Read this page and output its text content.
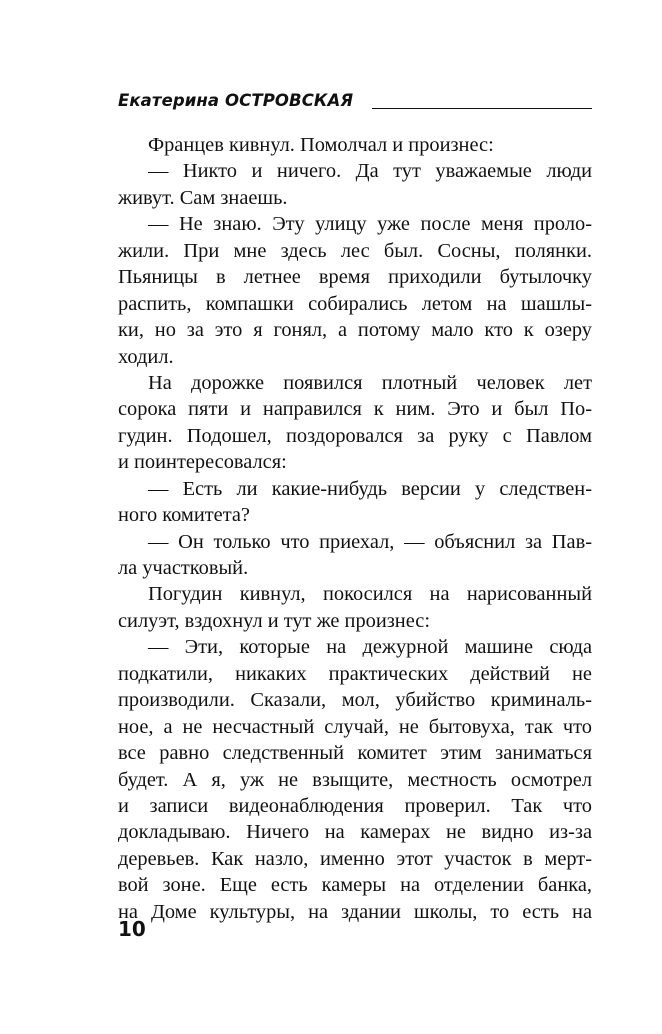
Екатерина ОСТРОВСКАЯ
Францев кивнул. Помолчал и произнес:
— Никто и ничего. Да тут уважаемые люди
живут. Сам знаешь.
— Не знаю. Эту улицу уже после меня проло-
жили. При мне здесь лес был. Сосны, полянки.
Пьяницы в летнее время приходили бутылочку
распить, компашки собирались летом на шашлы-
ки, но за это я гонял, а потому мало кто к озеру
ходил.
На дорожке появился плотный человек лет
сорока пяти и направился к ним. Это и был По-
гудин. Подошел, поздоровался за руку с Павлом
и поинтересовался:
— Есть ли какие-нибудь версии у следствен-
ного комитета?
— Он только что приехал, — объяснил за Пав-
ла участковый.
Погудин кивнул, покосился на нарисованный
силуэт, вздохнул и тут же произнес:
— Эти, которые на дежурной машине сюда
подкатили, никаких практических действий не
производили. Сказали, мол, убийство криминаль-
ное, а не несчастный случай, не бытовуха, так что
все равно следственный комитет этим заниматься
будет. А я, уж не взыщите, местность осмотрел
и записи видеонаблюдения проверил. Так что
докладываю. Ничего на камерах не видно из-за
деревьев. Как назло, именно этот участок в мерт-
вой зоне. Еще есть камеры на отделении банка,
на Доме культуры, на здании школы, то есть на
10
